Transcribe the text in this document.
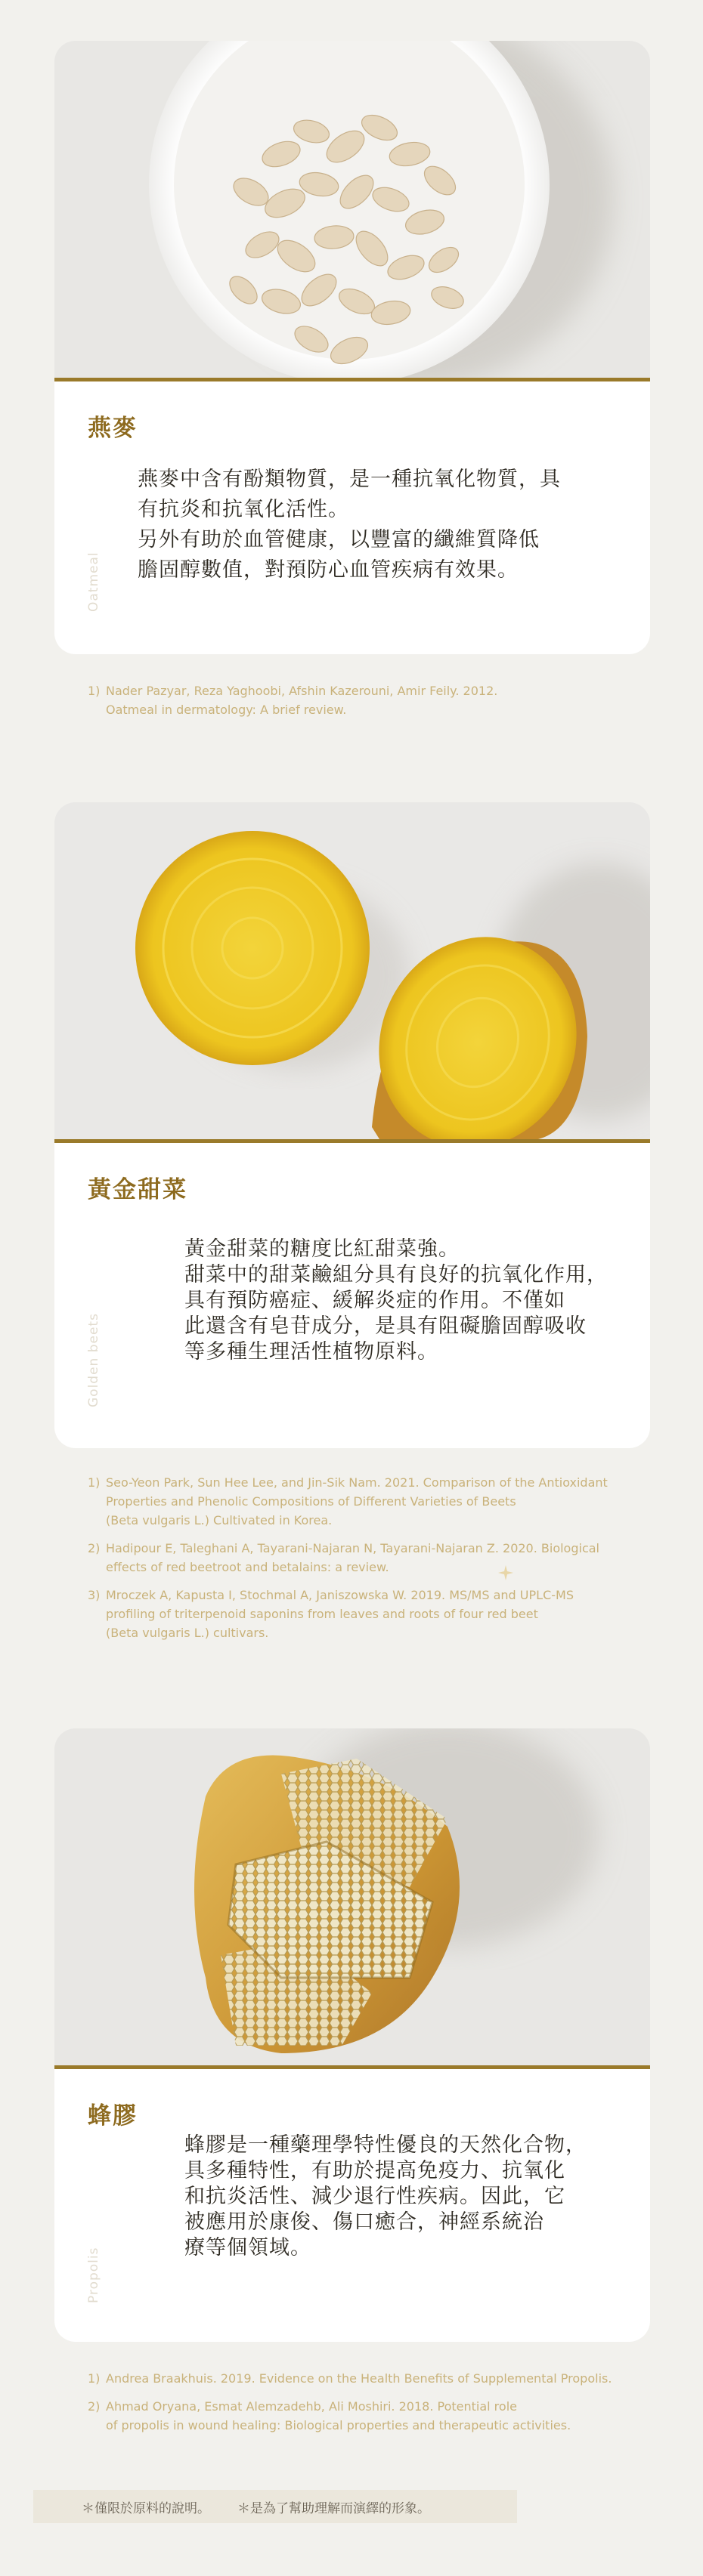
燕麥

燕麥中含有酚類物質，是一種抗氧化物質，具

有抗炎和抗氧化活性。

另外有助於血管健康，以豐富的纖維質降低

膽固醇數值，對預防心血管疾病有效果。

Oatmeal
1) Nader Pazyar, Reza Yaghoobi, Afshin Kazerouni, Amir Feily. 2012.
Oatmeal in dermatology: A brief review.
黃金甜菜

黃金甜菜的糖度比紅甜菜強。

甜菜中的甜菜鹼組分具有良好的抗氧化作用，

具有預防癌症、緩解炎症的作用。不僅如

此還含有皂苷成分，是具有阻礙膽固醇吸收

等多種生理活性植物原料。

Golden beets
1) Seo-Yeon Park, Sun Hee Lee, and Jin-Sik Nam. 2021. Comparison of the Antioxidant
Properties and Phenolic Compositions of Different Varieties of Beets
(Beta vulgaris L.) Cultivated in Korea.
2) Hadipour E, Taleghani A, Tayarani-Najaran N, Tayarani-Najaran Z. 2020. Biological
effects of red beetroot and betalains: a review.
3) Mroczek A, Kapusta I, Stochmal A, Janiszowska W. 2019. MS/MS and UPLC-MS
profiling of triterpenoid saponins from leaves and roots of four red beet
(Beta vulgaris L.) cultivars.
蜂膠

蜂膠是一種藥理學特性優良的天然化合物，

具多種特性，有助於提高免疫力、抗氧化

和抗炎活性、減少退行性疾病。因此，它

被應用於康俊、傷口癒合，神經系統治

療等個領域。

Propolis
1) Andrea Braakhuis. 2019. Evidence on the Health Benefits of Supplemental Propolis.
2) Ahmad Oryana, Esmat Alemzadehb, Ali Moshiri. 2018. Potential role
of propolis in wound healing: Biological properties and therapeutic activities.
＊僅限於原料的說明。 ＊是為了幫助理解而演繹的形象。
